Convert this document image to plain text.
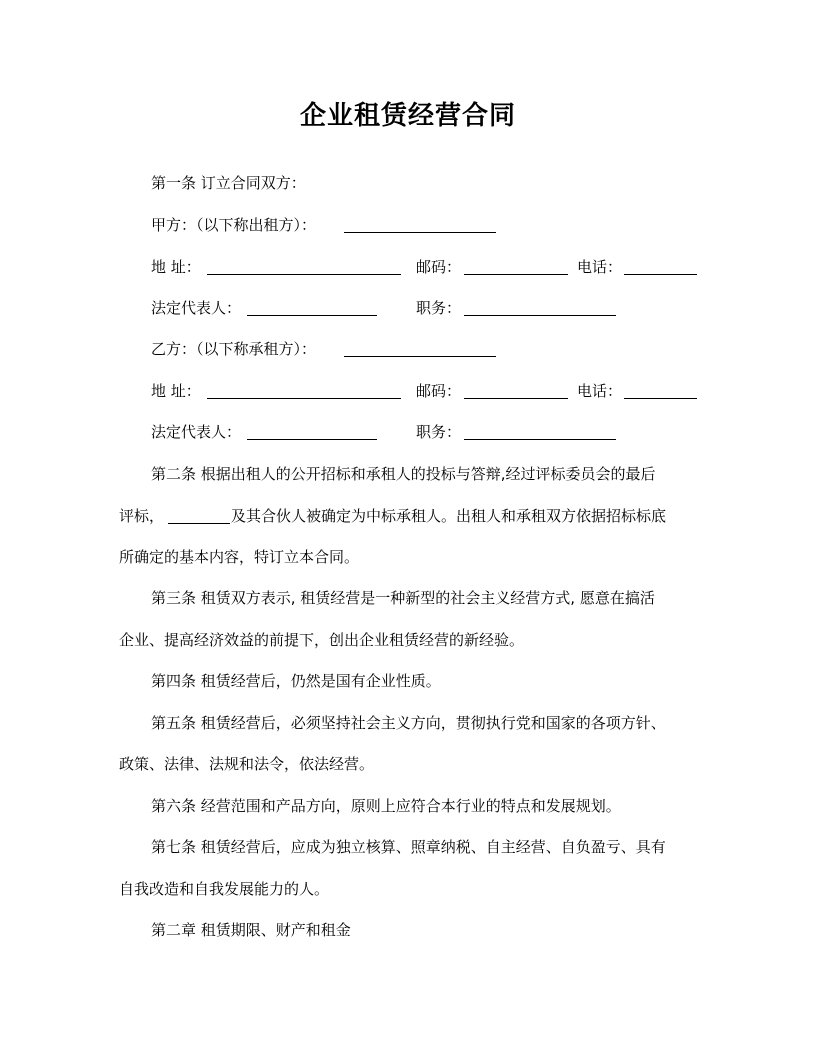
企业租赁经营合同
第一条 订立合同双方：
甲方：（以下称出租方）：
地 址：	邮码：	电话：
法定代表人：	职务：
乙方：（以下称承租方）：
地 址：	邮码：	电话：
法定代表人：	职务：
第二条 根据出租人的公开招标和承租人的投标与答辩,经过评标委员会的最后
评标，	及其合伙人被确定为中标承租人。出租人和承租双方依据招标标底
所确定的基本内容，特订立本合同。
第三条 租赁双方表示, 租赁经营是一种新型的社会主义经营方式, 愿意在搞活
企业、提高经济效益的前提下，创出企业租赁经营的新经验。
第四条 租赁经营后，仍然是国有企业性质。
第五条 租赁经营后，必须坚持社会主义方向，贯彻执行党和国家的各项方针、
政策、法律、法规和法令，依法经营。
第六条 经营范围和产品方向，原则上应符合本行业的特点和发展规划。
第七条 租赁经营后，应成为独立核算、照章纳税、自主经营、自负盈亏、具有
自我改造和自我发展能力的人。
第二章 租赁期限、财产和租金
